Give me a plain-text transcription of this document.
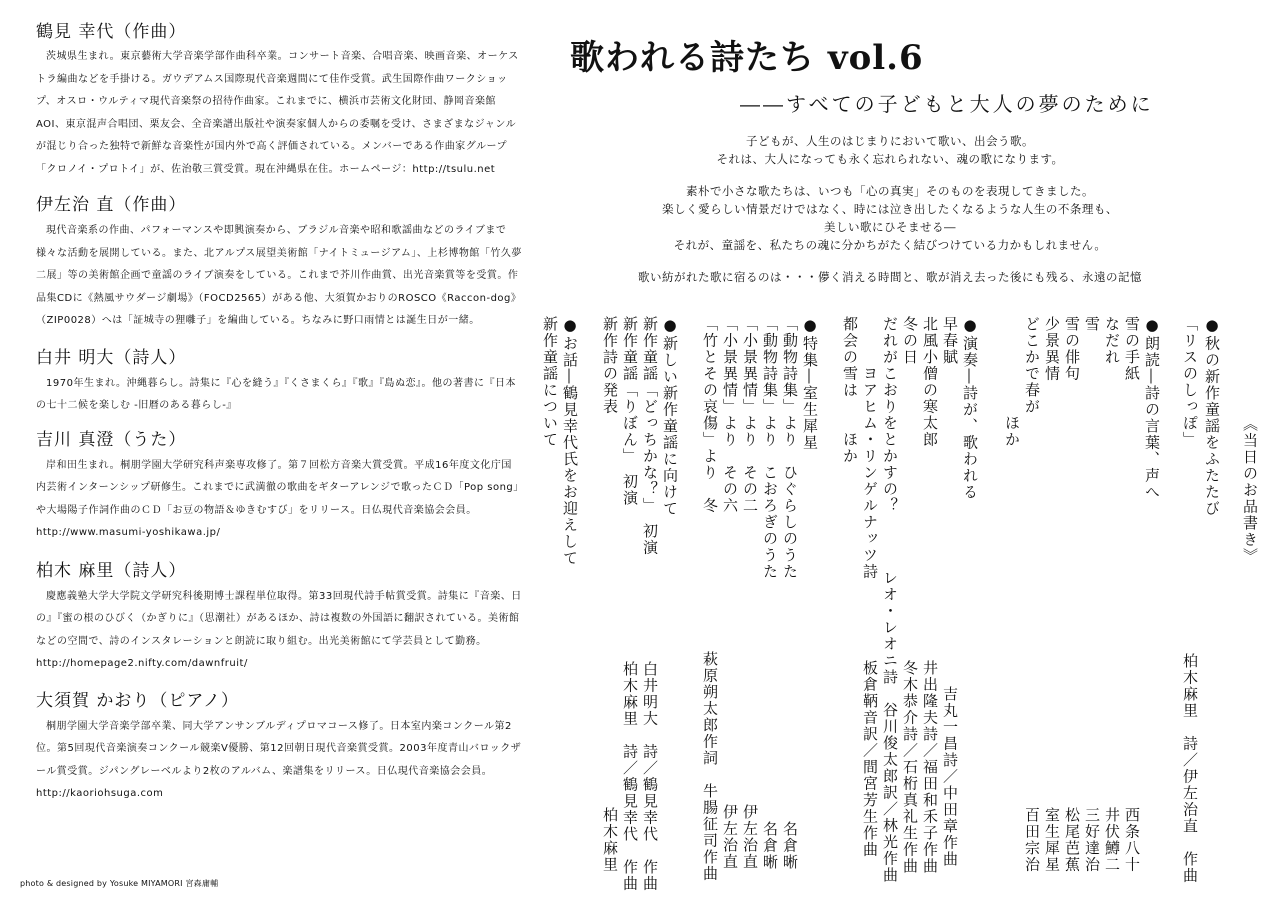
鶴見 幸代（作曲）

茨城県生まれ。東京藝術大学音楽学部作曲科卒業。コンサート音楽、合唱音楽、映画音楽、オーケストラ編曲などを手掛ける。ガウデアムス国際現代音楽週間にて佳作受賞。武生国際作曲ワークショップ、オスロ・ウルティマ現代音楽祭の招待作曲家。これまでに、横浜市芸術文化財団、静岡音楽館AOI、東京混声合唱団、栗友会、全音楽譜出版社や演奏家個人からの委嘱を受け、さまざまなジャンルが混じり合った独特で新鮮な音楽性が国内外で高く評価されている。メンバーである作曲家グループ「クロノイ・プロトイ」が、佐治敬三賞受賞。現在沖縄県在住。ホームページ：http://tsulu.net

伊左治 直（作曲）

現代音楽系の作曲、パフォーマンスや即興演奏から、ブラジル音楽や昭和歌謡曲などのライブまで様々な活動を展開している。また、北アルプス展望美術館「ナイトミュージアム」、上杉博物館「竹久夢二展」等の美術館企画で童謡のライブ演奏をしている。これまで芥川作曲賞、出光音楽賞等を受賞。作品集CDに《熱風サウダージ劇場》（FOCD2565）がある他、大須賀かおりのROSCO《Raccon-dog》（ZIP0028）へは「証城寺の狸囃子」を編曲している。ちなみに野口雨情とは誕生日が一緒。

白井 明大（詩人）

1970年生まれ。沖縄暮らし。詩集に『心を縫う』『くさまくら』『歌』『島ぬ恋』。他の著書に『日本の七十二候を楽しむ -旧暦のある暮らし-』

吉川 真澄（うた）

岸和田生まれ。桐朋学園大学研究科声楽専攻修了。第７回松方音楽大賞受賞。平成16年度文化庁国内芸術インターンシップ研修生。これまでに武満徹の歌曲をギターアレンジで歌ったＣＤ「Pop song」や大場陽子作詞作曲のＣＤ「お豆の物語＆ゆきむすび」をリリース。日仏現代音楽協会会員。http://www.masumi-yoshikawa.jp/

柏木 麻里（詩人）

慶應義塾大学大学院文学研究科後期博士課程単位取得。第33回現代詩手帖賞受賞。詩集に『音楽、日の』『蜜の根のひびく（かぎりに』（思潮社）があるほか、詩は複数の外国語に翻訳されている。美術館などの空間で、詩のインスタレーションと朗読に取り組む。出光美術館にて学芸員として勤務。http://homepage2.nifty.com/dawnfruit/

大須賀 かおり（ピアノ）

桐朋学園大学音楽学部卒業、同大学アンサンブルディプロマコース修了。日本室内楽コンクール第2位。第5回現代音楽演奏コンクール競楽V優勝、第12回朝日現代音楽賞受賞。2003年度青山バロックザール賞受賞。ジパングレーベルより2枚のアルバム、楽譜集をリリース。日仏現代音楽協会会員。http://kaoriohsuga.com

photo & designed by Yosuke MIYAMORI 宮森庸輔
歌われる詩たち vol.6
――すべての子どもと大人の夢のために
子どもが、人生のはじまりにおいて歌い、出会う歌。
それは、大人になっても永く忘れられない、魂の歌になります。
素朴で小さな歌たちは、いつも「心の真実」そのものを表現してきました。
楽しく愛らしい情景だけではなく、時には泣き出したくなるような人生の不条理も、
美しい歌にひそませる―
それが、童謡を、私たちの魂に分かちがたく結びつけている力かもしれません。
歌い紡がれた歌に宿るのは・・・儚く消える時間と、歌が消え去った後にも残る、永遠の記憶

《当日のお品書き》

●秋の新作童謡をふたたび

「リスのしっぽ」

柏木麻里　詩／伊左治直　作曲

●朗読―詩の言葉、声へ

雪の手紙

なだれ

雪

雪の俳句

少景異情

どこかで春が

　　　　　　ほか

西条八十

井伏鱒二

三好達治

松尾芭蕉

室生犀星

百田宗治

●演奏―詩が、歌われる

早春賦

北風小僧の寒太郎

冬の日

だれがこおりをとかすの？

　　　ヨアヒム・リンゲルナッツ詩

都会の雪は　　ほか

吉丸一昌詩／中田章作曲

井出隆夫詩／福田和禾子作曲

冬木恭介詩／石桁真礼生作曲

レオ・レオニ詩　谷川俊太郎訳／林光作曲

板倉鞆音訳／間宮芳生作曲

●特集―室生犀星

「動物詩集」より　ひぐらしのうた

「動物詩集」より　こおろぎのうた

「小景異情」より　その二

「小景異情」より　その六

「竹とその哀傷」より　冬

名倉晰

名倉晰

伊左治直

伊左治直

萩原朔太郎作詞　牛腸征司作曲

●新しい新作童謡に向けて

新作童謡「どっちかな？」　初演

新作童謡「りぼん」　初演

新作詩の発表

白井明大　詩／鶴見幸代　作曲

柏木麻里　詩／鶴見幸代　作曲

柏木麻里

●お話―鶴見幸代氏をお迎えして

新作童謡について
